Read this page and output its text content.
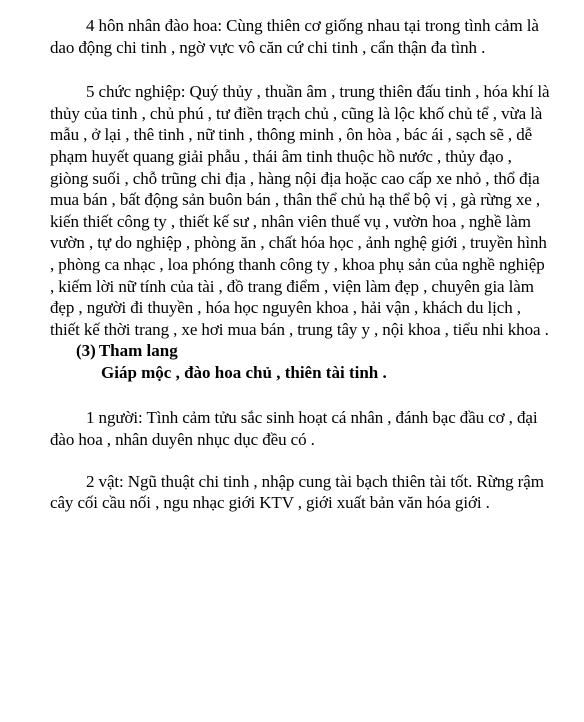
4 hôn nhân đào hoa: Cùng thiên cơ giống nhau tại trong tình cảm là dao động chi tinh , ngờ vực vô căn cứ chi tinh , cẩn thận đa tình .

5 chức nghiệp: Quý thủy , thuần âm , trung thiên đấu tinh , hóa khí là thủy của tinh , chủ phú , tư điền trạch chủ , cũng là lộc khố chủ tể , vừa là mẫu , ở lại , thê tinh , nữ tinh , thông minh , ôn hòa , bác ái , sạch sẽ , dễ phạm huyết quang giải phẫu , thái âm tinh thuộc hồ nước , thủy đạo , giòng suối , chỗ trũng chi địa , hàng nội địa hoặc cao cấp xe nhỏ , thổ địa mua bán , bất động sản buôn bán , thân thể chủ hạ thể bộ vị , gà rừng xe , kiến thiết công ty , thiết kế sư , nhân viên thuế vụ , vườn hoa , nghề làm vườn , tự do nghiệp , phòng ăn , chất hóa học , ảnh nghệ giới , truyền hình , phòng ca nhạc , loa phóng thanh công ty , khoa phụ sản của nghề nghiệp , kiếm lời nữ tính của tài , đồ trang điểm , viện làm đẹp , chuyên gia làm đẹp , người đi thuyền , hóa học nguyên khoa , hải vận , khách du lịch , thiết kế thời trang , xe hơi mua bán , trung tây y , nội khoa , tiểu nhi khoa .

(3) Tham lang

Giáp mộc , đào hoa chủ , thiên tài tinh .

1 người: Tình cảm tửu sắc sinh hoạt cá nhân , đánh bạc đầu cơ , đại đào hoa , nhân duyên nhục dục đều có .

2 vật: Ngũ thuật chi tinh , nhập cung tài bạch thiên tài tốt. Rừng rậm cây cối cầu nối , ngu nhạc giới KTV , giới xuất bản văn hóa giới .
